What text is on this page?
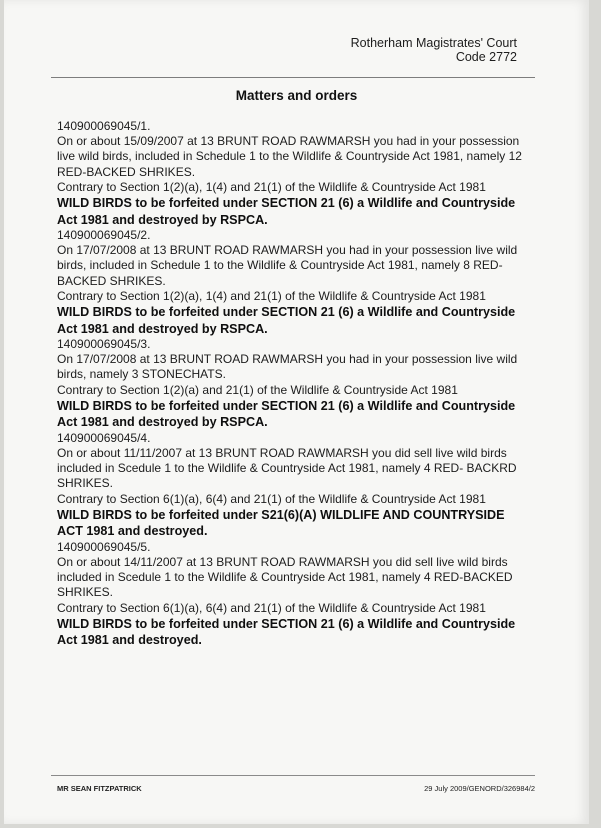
Rotherham Magistrates' Court
Code 2772
Matters and orders

140900069045/1.

On or about 15/09/2007 at 13 BRUNT ROAD RAWMARSH you had in your possession live wild birds, included in Schedule 1 to the Wildlife & Countryside Act 1981, namely 12 RED-BACKED SHRIKES.

Contrary to Section 1(2)(a), 1(4) and 21(1) of the Wildlife & Countryside Act 1981

WILD BIRDS to be forfeited under SECTION 21 (6) a Wildlife and Countryside Act 1981 and destroyed by RSPCA.

140900069045/2.

On 17/07/2008 at 13 BRUNT ROAD RAWMARSH you had in your possession live wild birds, included in Schedule 1 to the Wildlife & Countryside Act 1981, namely 8 RED-BACKED SHRIKES.

Contrary to Section 1(2)(a), 1(4) and 21(1) of the Wildlife & Countryside Act 1981

WILD BIRDS to be forfeited under SECTION 21 (6) a Wildlife and Countryside Act 1981 and destroyed by RSPCA.

140900069045/3.

On 17/07/2008 at 13 BRUNT ROAD RAWMARSH you had in your possession live wild birds, namely 3 STONECHATS.

Contrary to Section 1(2)(a) and 21(1) of the Wildlife & Countryside Act 1981

WILD BIRDS to be forfeited under SECTION 21 (6) a Wildlife and Countryside Act 1981 and destroyed by RSPCA.

140900069045/4.

On or about 11/11/2007 at 13 BRUNT ROAD RAWMARSH you did sell live wild birds included in Scedule 1 to the Wildlife & Countryside Act 1981, namely 4 RED- BACKRD SHRIKES.

Contrary to Section 6(1)(a), 6(4) and 21(1) of the Wildlife & Countryside Act 1981

WILD BIRDS to be forfeited under S21(6)(A) WILDLIFE AND COUNTRYSIDE ACT 1981 and destroyed.

140900069045/5.

On or about 14/11/2007 at 13 BRUNT ROAD RAWMARSH you did sell live wild birds included in Scedule 1 to the Wildlife & Countryside Act 1981, namely 4 RED-BACKED SHRIKES.

Contrary to Section 6(1)(a), 6(4) and 21(1) of the Wildlife & Countryside Act 1981

WILD BIRDS to be forfeited under SECTION 21 (6) a Wildlife and Countryside Act 1981 and destroyed.

MR SEAN FITZPATRICK	29 July 2009/GENORD/326984/2
